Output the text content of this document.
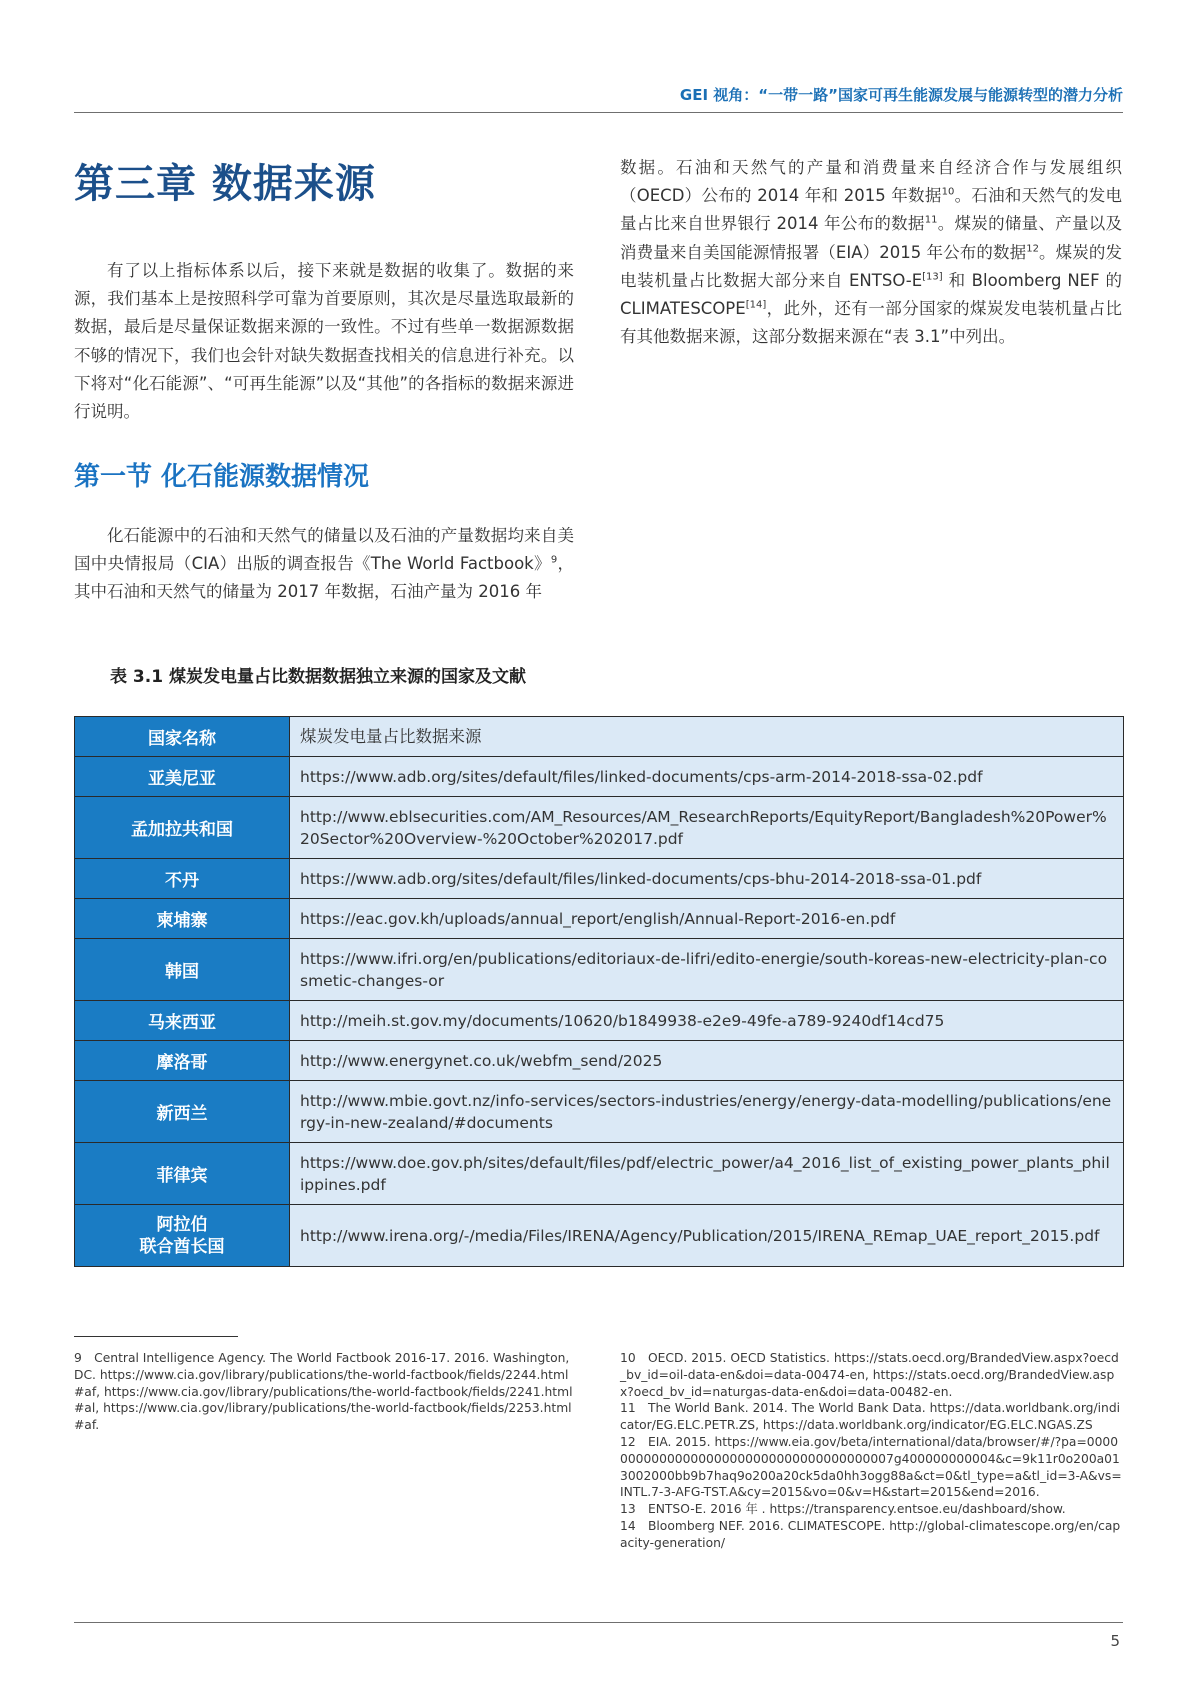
GEI 视角：“一带一路”国家可再生能源发展与能源转型的潜力分析
第三章 数据来源

有了以上指标体系以后，接下来就是数据的收集了。数据的来源，我们基本上是按照科学可靠为首要原则，其次是尽量选取最新的数据，最后是尽量保证数据来源的一致性。不过有些单一数据源数据不够的情况下，我们也会针对缺失数据查找相关的信息进行补充。以下将对“化石能源”、“可再生能源”以及“其他”的各指标的数据来源进行说明。

第一节 化石能源数据情况

化石能源中的石油和天然气的储量以及石油的产量数据均来自美国中央情报局（CIA）出版的调查报告《The World Factbook》$^9$，其中石油和天然气的储量为 2017 年数据，石油产量为 2016 年

数据。石油和天然气的产量和消费量来自经济合作与发展组织（OECD）公布的 2014 年和 2015 年数据$^{10}$。石油和天然气的发电量占比来自世界银行 2014 年公布的数据$^{11}$。煤炭的储量、产量以及消费量来自美国能源情报署（EIA）2015 年公布的数据$^{12}$。煤炭的发电装机量占比数据大部分来自 ENTSO-E[13] 和 Bloomberg NEF 的 CLIMATESCOPE[14]，此外，还有一部分国家的煤炭发电装机量占比有其他数据来源，这部分数据来源在“表 3.1”中列出。

表 3.1 煤炭发电量占比数据数据独立来源的国家及文献
国家名称	煤炭发电量占比数据来源
亚美尼亚	https://www.adb.org/sites/default/files/linked-documents/cps-arm-2014-2018-ssa-02.pdf
孟加拉共和国	http://www.eblsecurities.com/AM_Resources/AM_ResearchReports/EquityReport/Bangladesh%20Power%20Sector%20Overview-%20October%202017.pdf
不丹	https://www.adb.org/sites/default/files/linked-documents/cps-bhu-2014-2018-ssa-01.pdf
柬埔寨	https://eac.gov.kh/uploads/annual_report/english/Annual-Report-2016-en.pdf
韩国	https://www.ifri.org/en/publications/editoriaux-de-lifri/edito-energie/south-koreas-new-electricity-plan-cosmetic-changes-or
马来西亚	http://meih.st.gov.my/documents/10620/b1849938-e2e9-49fe-a789-9240df14cd75
摩洛哥	http://www.energynet.co.uk/webfm_send/2025
新西兰	http://www.mbie.govt.nz/info-services/sectors-industries/energy/energy-data-modelling/publications/energy-in-new-zealand/#documents
菲律宾	https://www.doe.gov.ph/sites/default/files/pdf/electric_power/a4_2016_list_of_existing_power_plants_philippines.pdf

阿拉伯
联合酋长国	http://www.irena.org/-/media/Files/IRENA/Agency/Publication/2015/IRENA_REmap_UAE_report_2015.pdf

9　Central Intelligence Agency. The World Factbook 2016-17. 2016. Washington, DC. https://www.cia.gov/library/publications/the-world-factbook/fields/2244.html#af, https://www.cia.gov/library/publications/the-world-factbook/fields/2241.html#al, https://www.cia.gov/library/publications/the-world-factbook/fields/2253.html#af.

10　OECD. 2015. OECD Statistics. https://stats.oecd.org/BrandedView.aspx?oecd_bv_id=oil-data-en&doi=data-00474-en, https://stats.oecd.org/BrandedView.aspx?oecd_bv_id=naturgas-data-en&doi=data-00482-en.

11　The World Bank. 2014. The World Bank Data. https://data.worldbank.org/indicator/EG.ELC.PETR.ZS, https://data.worldbank.org/indicator/EG.ELC.NGAS.ZS

12　EIA. 2015. https://www.eia.gov/beta/international/data/browser/#/?pa=000000000000000000000000000000000000007g400000000004&c=9k11r0o200a013002000bb9b7haq9o200a20ck5da0hh3ogg88a&ct=0&tl_type=a&tl_id=3-A&vs=INTL.7-3-AFG-TST.A&cy=2015&vo=0&v=H&start=2015&end=2016.

13　ENTSO-E. 2016 年 . https://transparency.entsoe.eu/dashboard/show.

14　Bloomberg NEF. 2016. CLIMATESCOPE. http://global-climatescope.org/en/capacity-generation/

5
